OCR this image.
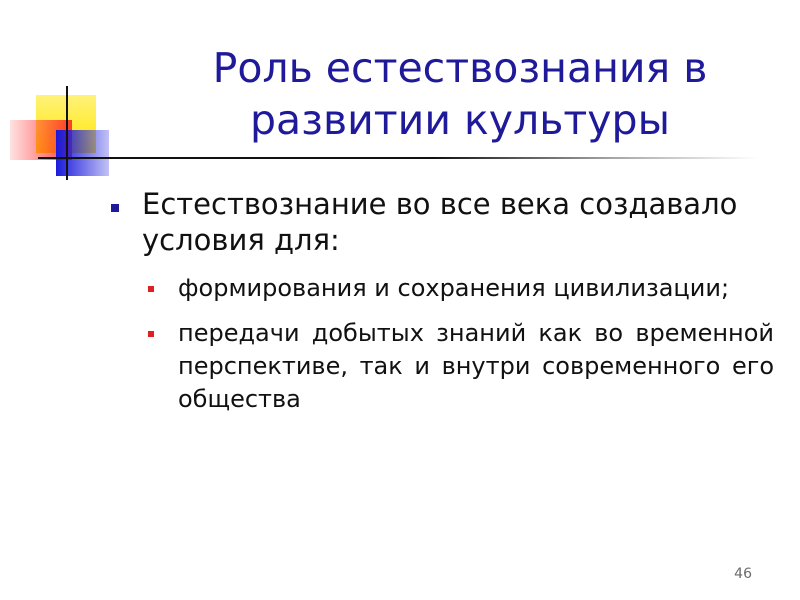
Роль естествознания в развитии культуры
Естествознание во все века создавало условия для:
формирования и сохранения цивилизации;
передачи добытых знаний как во временной перспективе, так и внутри современного его общества
46
